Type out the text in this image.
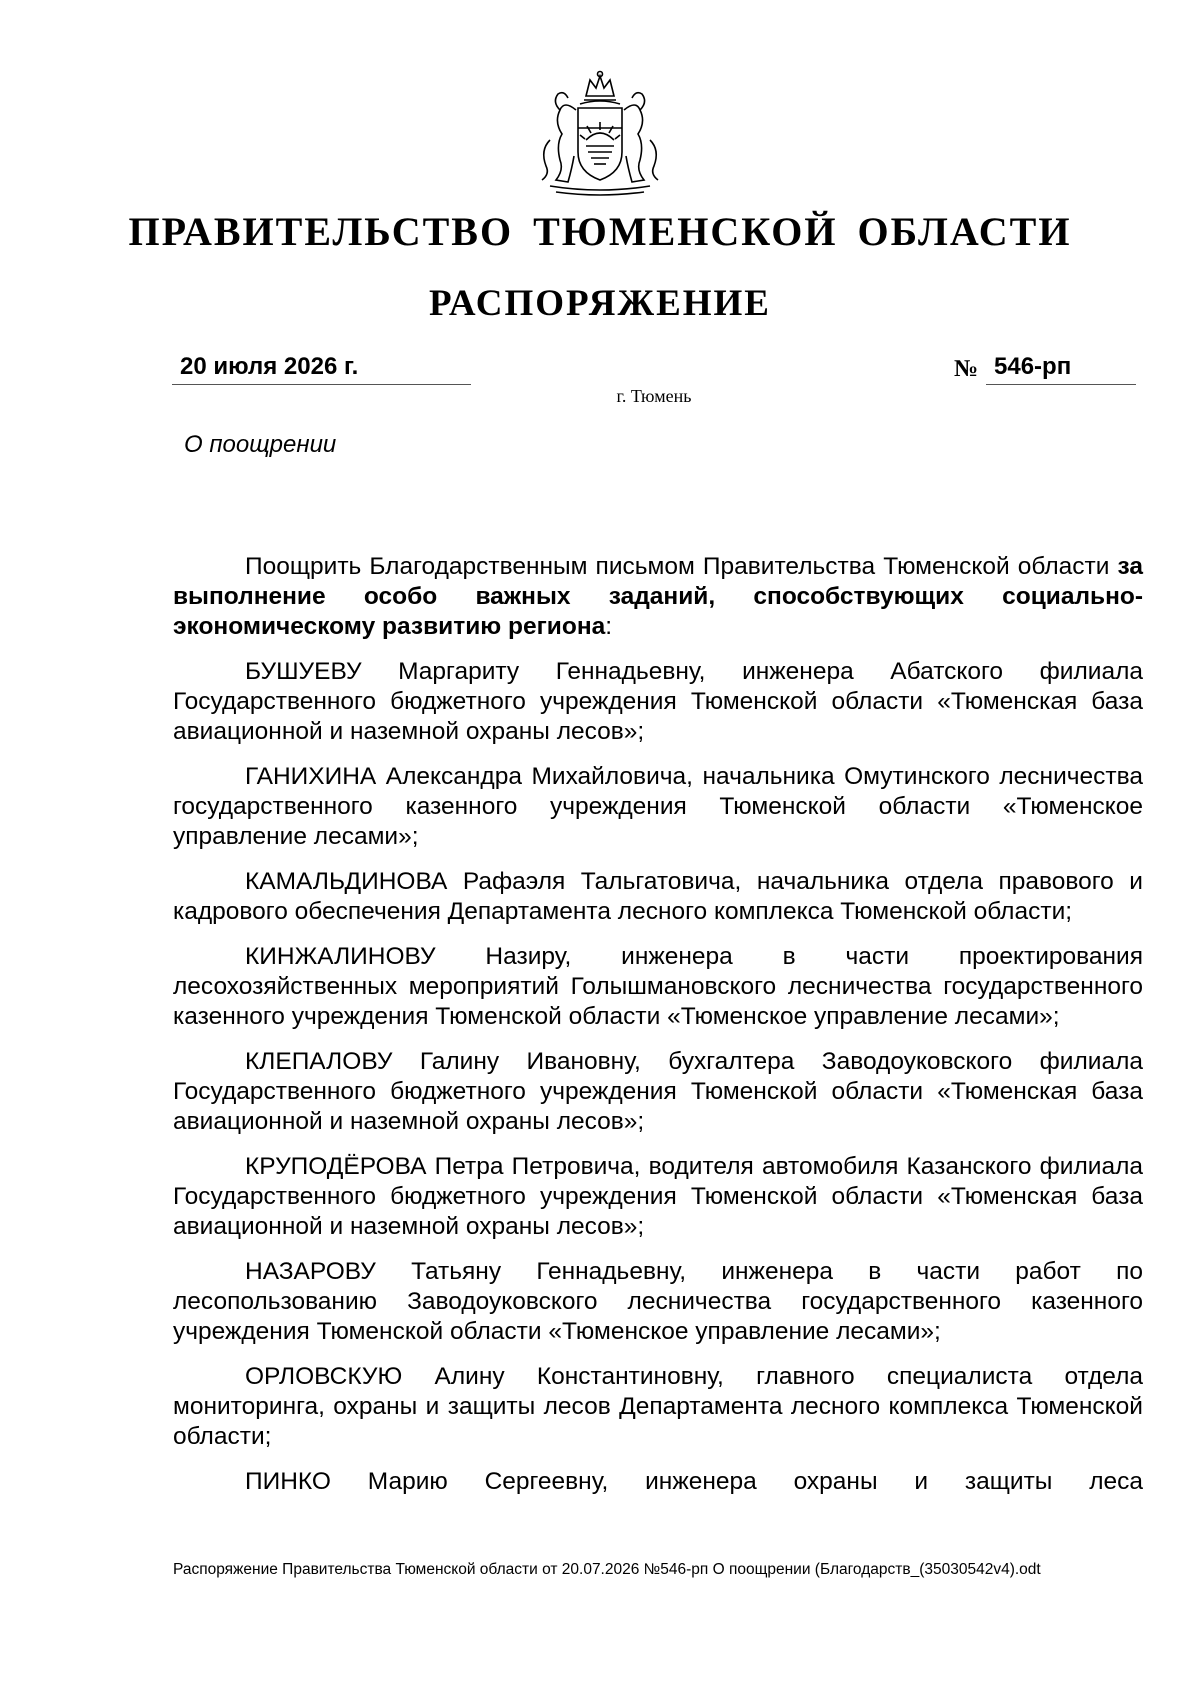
ПРАВИТЕЛЬСТВО ТЮМЕНСКОЙ ОБЛАСТИ
РАСПОРЯЖЕНИЕ
20 июля 2026 г.	№ 546-рп
г. Тюмень
О поощрении

Поощрить Благодарственным письмом Правительства Тюменской области за выполнение особо важных заданий, способствующих социально-экономическому развитию региона:

БУШУЕВУ Маргариту Геннадьевну, инженера Абатского филиала Государственного бюджетного учреждения Тюменской области «Тюменская база авиационной и наземной охраны лесов»;

ГАНИХИНА Александра Михайловича, начальника Омутинского лесничества государственного казенного учреждения Тюменской области «Тюменское управление лесами»;

КАМАЛЬДИНОВА Рафаэля Тальгатовича, начальника отдела правового и кадрового обеспечения Департамента лесного комплекса Тюменской области;

КИНЖАЛИНОВУ Назиру, инженера в части проектирования лесохозяйственных мероприятий Голышмановского лесничества государственного казенного учреждения Тюменской области «Тюменское управление лесами»;

КЛЕПАЛОВУ Галину Ивановну, бухгалтера Заводоуковского филиала Государственного бюджетного учреждения Тюменской области «Тюменская база авиационной и наземной охраны лесов»;

КРУПОДЁРОВА Петра Петровича, водителя автомобиля Казанского филиала Государственного бюджетного учреждения Тюменской области «Тюменская база авиационной и наземной охраны лесов»;

НАЗАРОВУ Татьяну Геннадьевну, инженера в части работ по лесопользованию Заводоуковского лесничества государственного казенного учреждения Тюменской области «Тюменское управление лесами»;

ОРЛОВСКУЮ Алину Константиновну, главного специалиста отдела мониторинга, охраны и защиты лесов Департамента лесного комплекса Тюменской области;

ПИНКО Марию Сергеевну, инженера охраны и защиты леса

Распоряжение Правительства Тюменской области от 20.07.2026 №546-рп О поощрении (Благодарств_(35030542v4).odt
